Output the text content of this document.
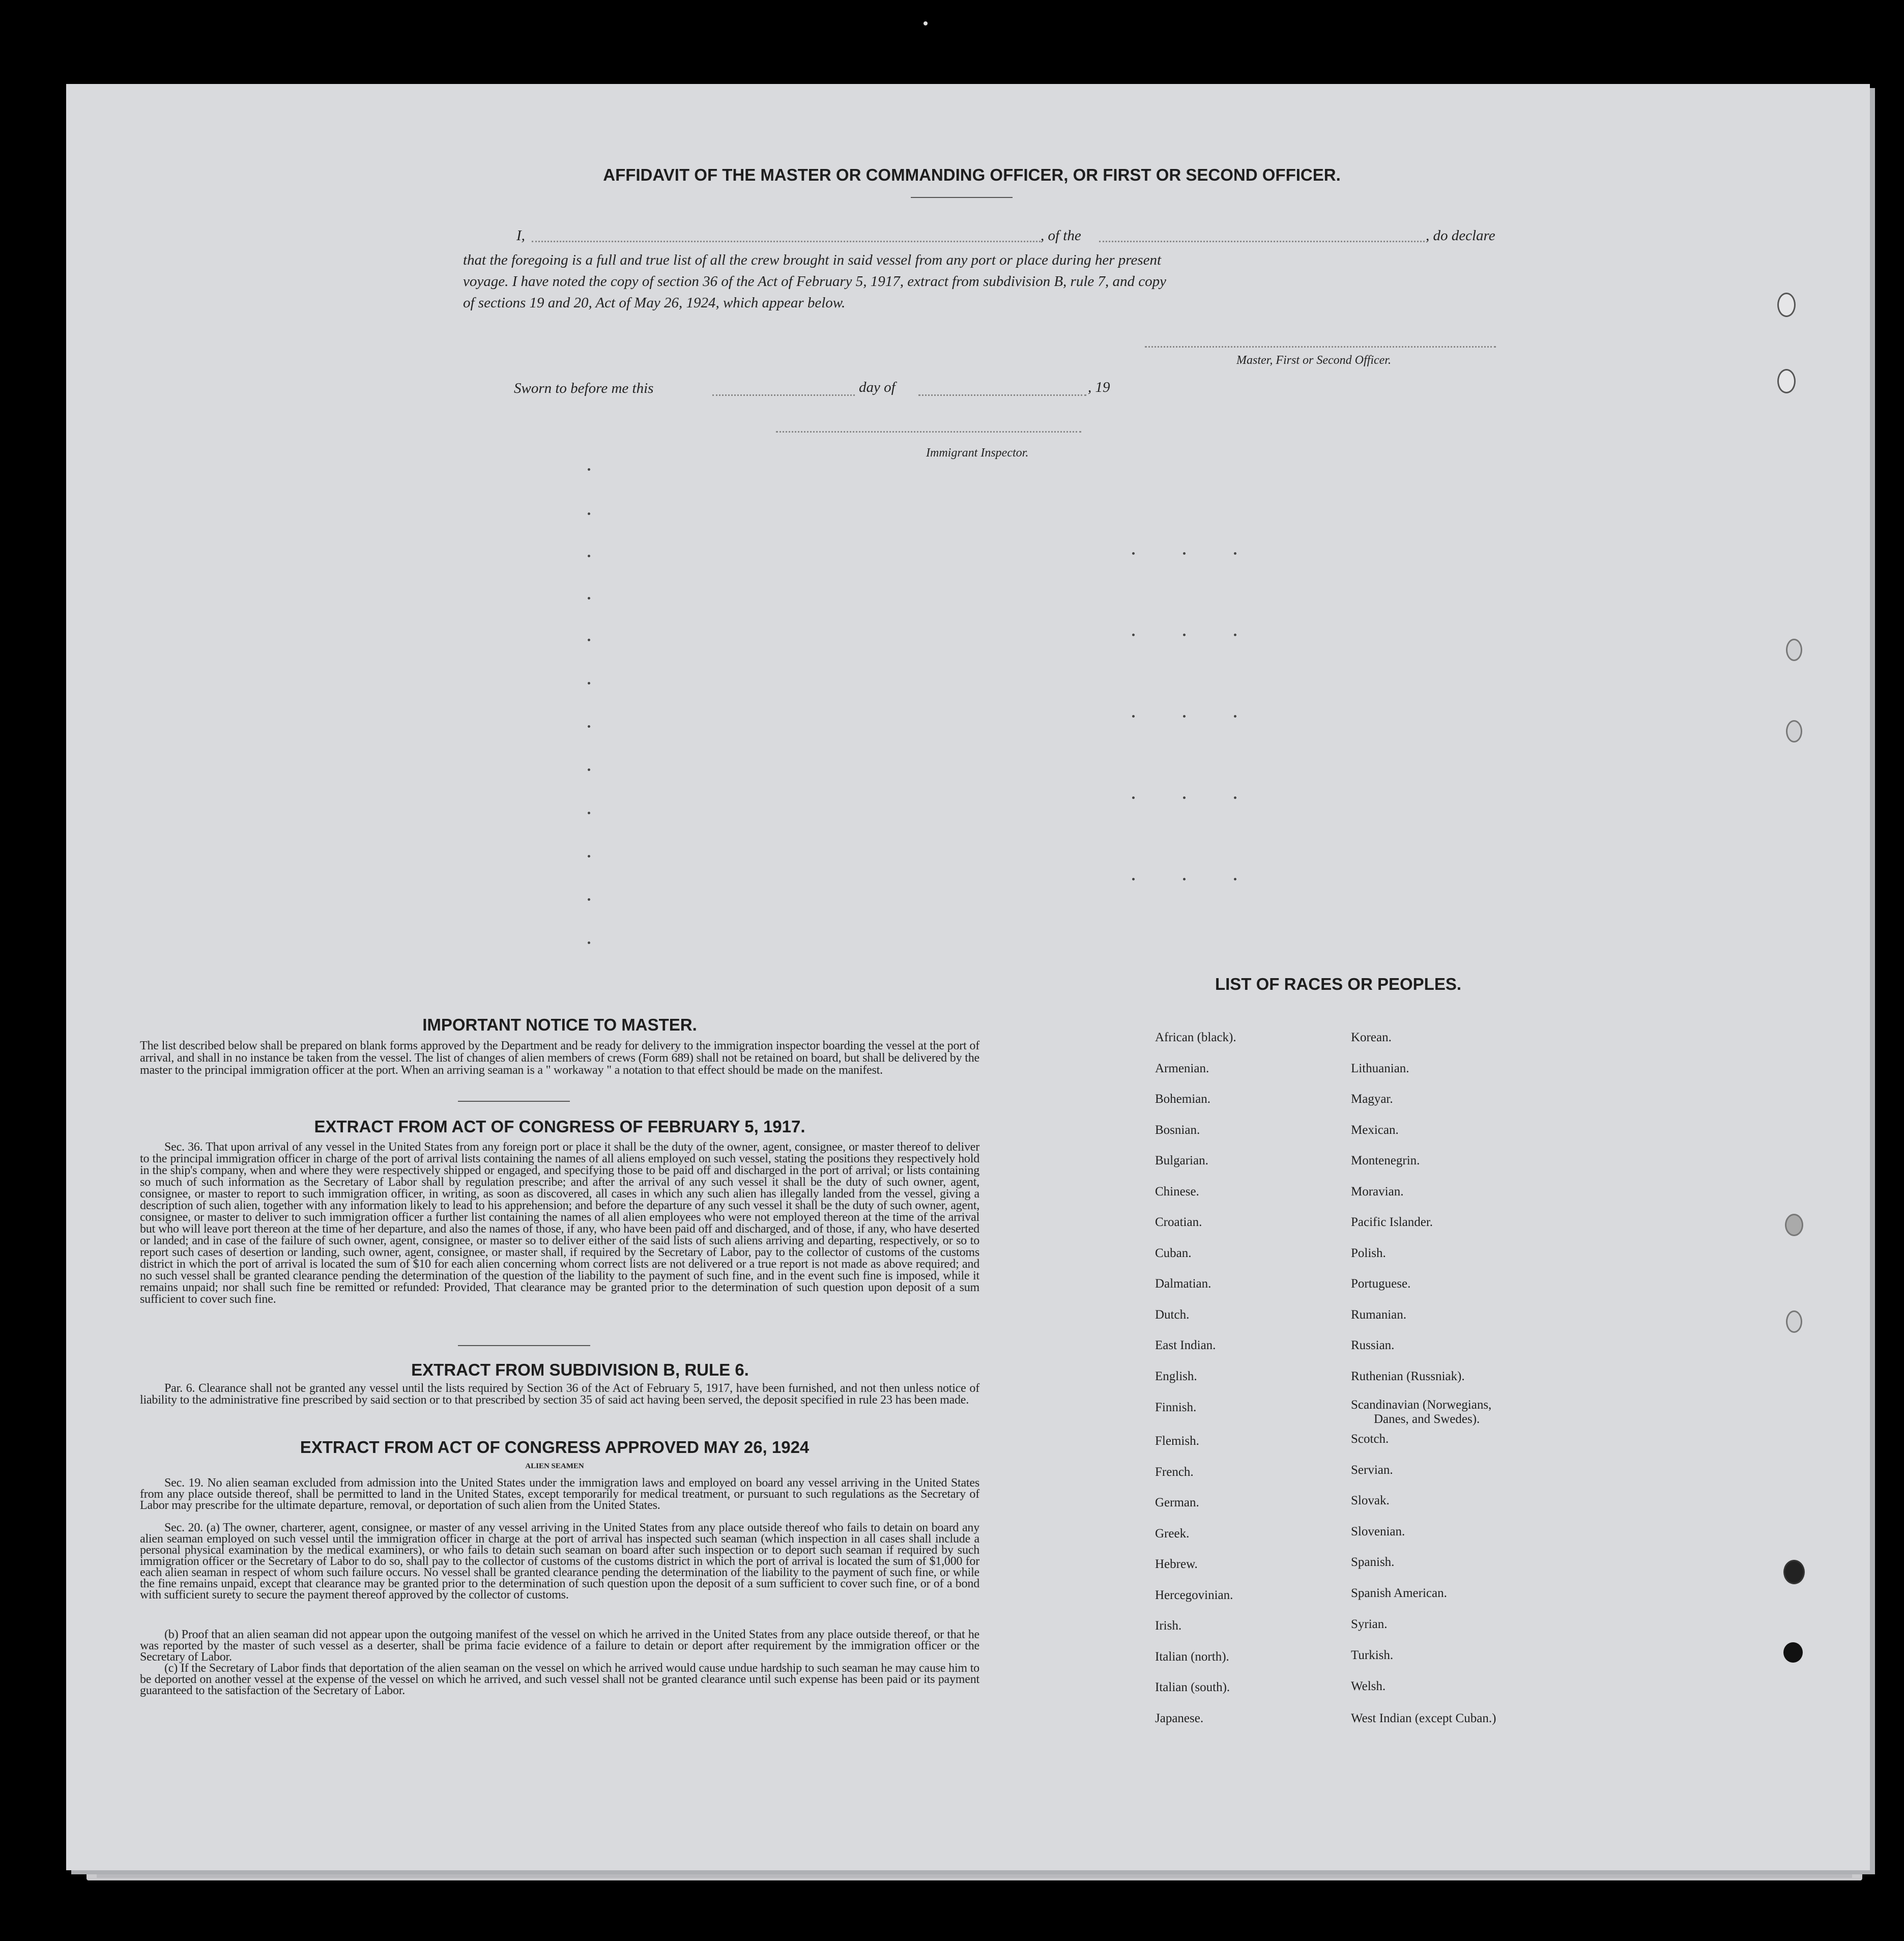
AFFIDAVIT OF THE MASTER OR COMMANDING OFFICER, OR FIRST OR SECOND OFFICER.
I,	, of the	, do declare
that the foregoing is a full and true list of all the crew brought in said vessel from any port or place during her present
voyage. I have noted the copy of section 36 of the Act of February 5, 1917, extract from subdivision B, rule 7, and copy
of sections 19 and 20, Act of May 26, 1924, which appear below.
Master, First or Second Officer.
Sworn to before me this	day of	, 19
Immigrant Inspector.
IMPORTANT NOTICE TO MASTER.
The list described below shall be prepared on blank forms approved by the Department and be ready for delivery to the immigration inspector boarding the vessel at the port of arrival, and shall in no instance be taken from the vessel. The list of changes of alien members of crews (Form 689) shall not be retained on board, but shall be delivered by the master to the principal immigration officer at the port. When an arriving seaman is a " workaway " a notation to that effect should be made on the manifest.
EXTRACT FROM ACT OF CONGRESS OF FEBRUARY 5, 1917.
Sec. 36. That upon arrival of any vessel in the United States from any foreign port or place it shall be the duty of the owner, agent, consignee, or master thereof to deliver to the principal immigration officer in charge of the port of arrival lists containing the names of all aliens employed on such vessel, stating the positions they respectively hold in the ship's company, when and where they were respectively shipped or engaged, and specifying those to be paid off and discharged in the port of arrival; or lists containing so much of such information as the Secretary of Labor shall by regulation prescribe; and after the arrival of any such vessel it shall be the duty of such owner, agent, consignee, or master to report to such immigration officer, in writing, as soon as discovered, all cases in which any such alien has illegally landed from the vessel, giving a description of such alien, together with any information likely to lead to his apprehension; and before the departure of any such vessel it shall be the duty of such owner, agent, consignee, or master to deliver to such immigration officer a further list containing the names of all alien employees who were not employed thereon at the time of the arrival but who will leave port thereon at the time of her departure, and also the names of those, if any, who have been paid off and discharged, and of those, if any, who have deserted or landed; and in case of the failure of such owner, agent, consignee, or master so to deliver either of the said lists of such aliens arriving and departing, respectively, or so to report such cases of desertion or landing, such owner, agent, consignee, or master shall, if required by the Secretary of Labor, pay to the collector of customs of the customs district in which the port of arrival is located the sum of $10 for each alien concerning whom correct lists are not delivered or a true report is not made as above required; and no such vessel shall be granted clearance pending the determination of the question of the liability to the payment of such fine, and in the event such fine is imposed, while it remains unpaid; nor shall such fine be remitted or refunded: Provided, That clearance may be granted prior to the determination of such question upon deposit of a sum sufficient to cover such fine.
EXTRACT FROM SUBDIVISION B, RULE 6.
Par. 6. Clearance shall not be granted any vessel until the lists required by Section 36 of the Act of February 5, 1917, have been furnished, and not then unless notice of liability to the administrative fine prescribed by said section or to that prescribed by section 35 of said act having been served, the deposit specified in rule 23 has been made.
EXTRACT FROM ACT OF CONGRESS APPROVED MAY 26, 1924
ALIEN SEAMEN
Sec. 19. No alien seaman excluded from admission into the United States under the immigration laws and employed on board any vessel arriving in the United States from any place outside thereof, shall be permitted to land in the United States, except temporarily for medical treatment, or pursuant to such regulations as the Secretary of Labor may prescribe for the ultimate departure, removal, or deportation of such alien from the United States.
Sec. 20. (a) The owner, charterer, agent, consignee, or master of any vessel arriving in the United States from any place outside thereof who fails to detain on board any alien seaman employed on such vessel until the immigration officer in charge at the port of arrival has inspected such seaman (which inspection in all cases shall include a personal physical examination by the medical examiners), or who fails to detain such seaman on board after such inspection or to deport such seaman if required by such immigration officer or the Secretary of Labor to do so, shall pay to the collector of customs of the customs district in which the port of arrival is located the sum of $1,000 for each alien seaman in respect of whom such failure occurs. No vessel shall be granted clearance pending the determination of the liability to the payment of such fine, or while the fine remains unpaid, except that clearance may be granted prior to the determination of such question upon the deposit of a sum sufficient to cover such fine, or of a bond with sufficient surety to secure the payment thereof approved by the collector of customs.
(b) Proof that an alien seaman did not appear upon the outgoing manifest of the vessel on which he arrived in the United States from any place outside thereof, or that he was reported by the master of such vessel as a deserter, shall be prima facie evidence of a failure to detain or deport after requirement by the immigration officer or the Secretary of Labor.
(c) If the Secretary of Labor finds that deportation of the alien seaman on the vessel on which he arrived would cause undue hardship to such seaman he may cause him to be deported on another vessel at the expense of the vessel on which he arrived, and such vessel shall not be granted clearance until such expense has been paid or its payment guaranteed to the satisfaction of the Secretary of Labor.
LIST OF RACES OR PEOPLES.
African (black).
Armenian.
Bohemian.
Bosnian.
Bulgarian.
Chinese.
Croatian.
Cuban.
Dalmatian.
Dutch.
East Indian.
English.
Finnish.
Flemish.
French.
German.
Greek.
Hebrew.
Hercegovinian.
Irish.
Italian (north).
Italian (south).
Japanese.
Korean.
Lithuanian.
Magyar.
Mexican.
Montenegrin.
Moravian.
Pacific Islander.
Polish.
Portuguese.
Rumanian.
Russian.
Ruthenian (Russniak).
Scandinavian (Norwegians,
Danes, and Swedes).
Scotch.
Servian.
Slovak.
Slovenian.
Spanish.
Spanish American.
Syrian.
Turkish.
Welsh.
West Indian (except Cuban.)
